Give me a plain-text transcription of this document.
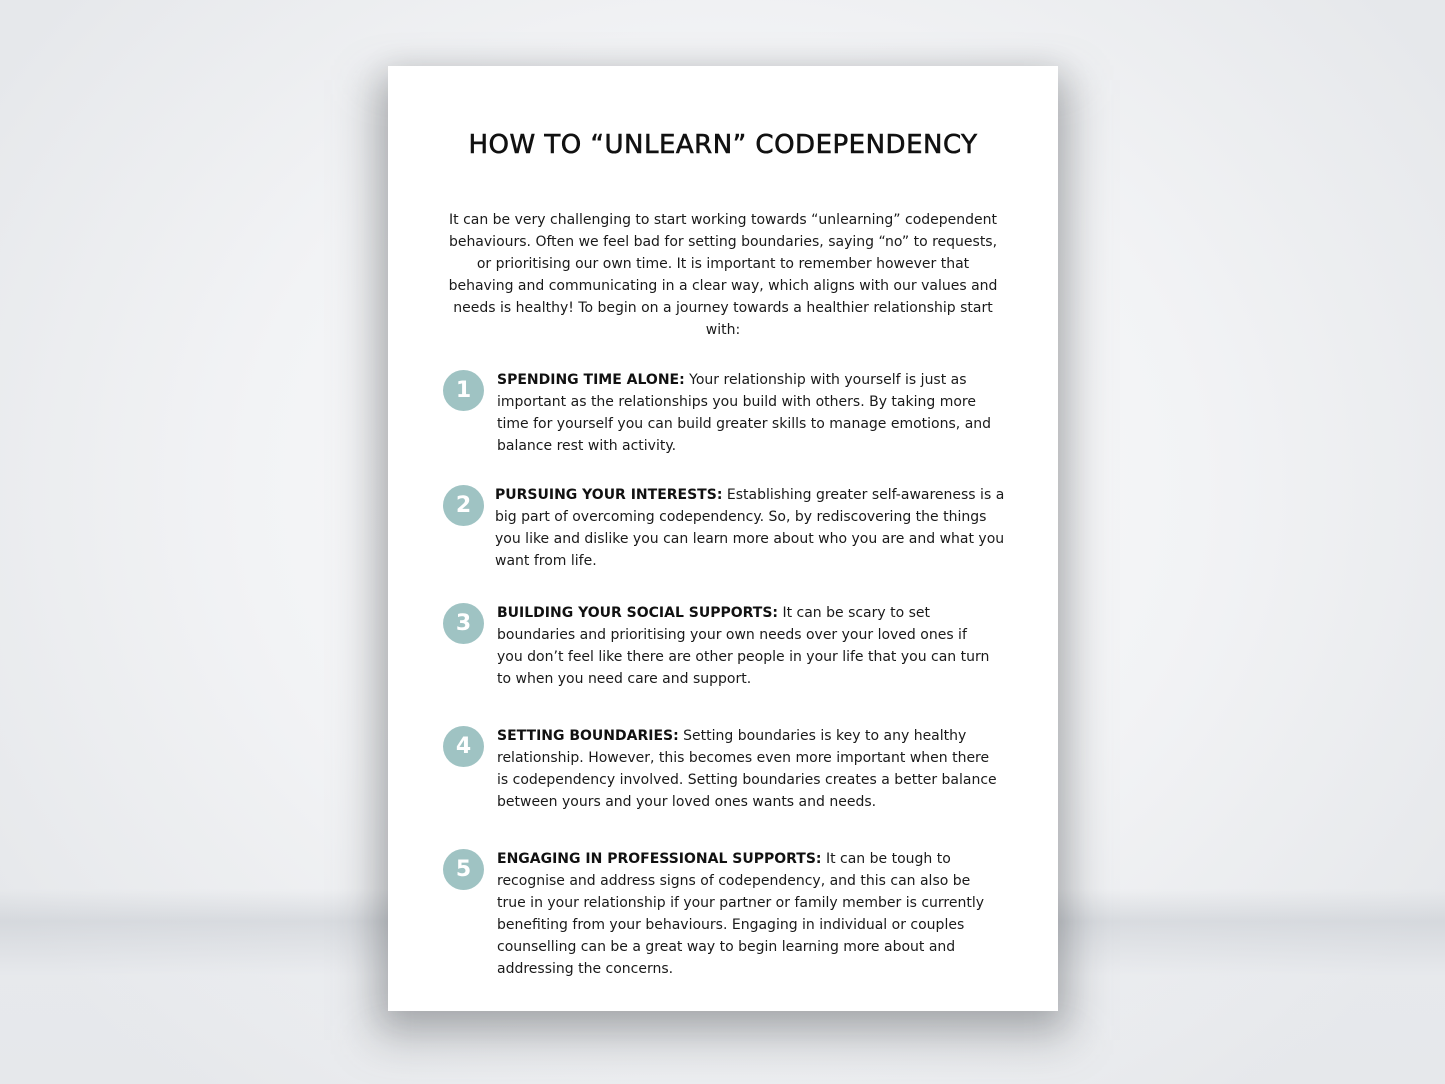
HOW TO “UNLEARN” CODEPENDENCY

It can be very challenging to start working towards “unlearning” codependent behaviours. Often we feel bad for setting boundaries, saying “no” to requests, or prioritising our own time. It is important to remember however that behaving and communicating in a clear way, which aligns with our values and needs is healthy! To begin on a journey towards a healthier relationship start with:

1	SPENDING TIME ALONE: Your relationship with yourself is just as important as the relationships you build with others. By taking more time for yourself you can build greater skills to manage emotions, and balance rest with activity.

2	PURSUING YOUR INTERESTS: Establishing greater self-awareness is a big part of overcoming codependency. So, by rediscovering the things you like and dislike you can learn more about who you are and what you want from life.

3	BUILDING YOUR SOCIAL SUPPORTS: It can be scary to set boundaries and prioritising your own needs over your loved ones if you don’t feel like there are other people in your life that you can turn to when you need care and support.

4	SETTING BOUNDARIES: Setting boundaries is key to any healthy relationship. However, this becomes even more important when there is codependency involved. Setting boundaries creates a better balance between yours and your loved ones wants and needs.

5	ENGAGING IN PROFESSIONAL SUPPORTS: It can be tough to recognise and address signs of codependency, and this can also be true in your relationship if your partner or family member is currently benefiting from your behaviours. Engaging in individual or couples counselling can be a great way to begin learning more about and addressing the concerns.
